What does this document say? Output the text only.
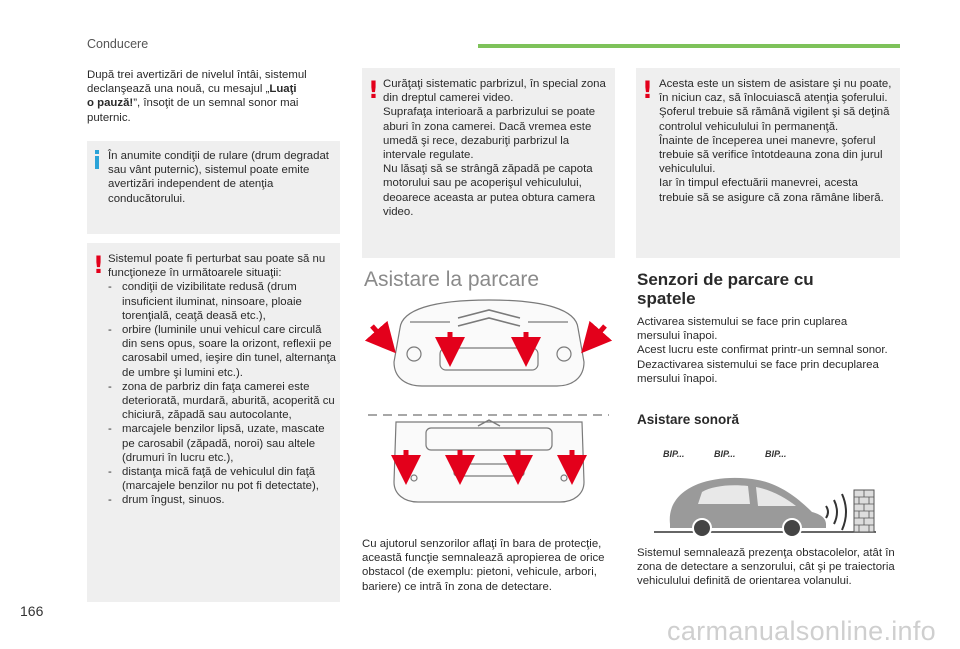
Conducere
După trei avertizări de nivelul întâi, sistemul
declanşează una nouă, cu mesajul „Luaţi
o pauză!”, însoţit de un semnal sonor mai
puternic.
În anumite condiţii de rulare (drum degradat sau vânt puternic), sistemul poate emite avertizări independent de atenţia conducătorului.
! Sistemul poate fi perturbat sau poate să nu funcţioneze în următoarele situaţii:
- condiţii de vizibilitate redusă (drum insuficient iluminat, ninsoare, ploaie torenţială, ceaţă deasă etc.),
- orbire (luminile unui vehicul care circulă din sens opus, soare la orizont, reflexii pe carosabil umed, ieşire din tunel, alternanţa de umbre şi lumini etc.).
- zona de parbriz din faţa camerei este deteriorată, murdară, aburită, acoperită cu chiciură, zăpadă sau autocolante,
- marcajele benzilor lipsă, uzate, mascate pe carosabil (zăpadă, noroi) sau altele (drumuri în lucru etc.),
- distanţa mică faţă de vehiculul din faţă (marcajele benzilor nu pot fi detectate),
- drum îngust, sinuos.
! Curăţaţi sistematic parbrizul, în special zona din dreptul camerei video.
Suprafaţa interioară a parbrizului se poate aburi în zona camerei. Dacă vremea este umedă şi rece, dezaburiţi parbrizul la intervale regulate.
Nu lăsaţi să se strângă zăpadă pe capota motorului sau pe acoperişul vehiculului, deoarece aceasta ar putea obtura camera video.
Asistare la parcare
Cu ajutorul senzorilor aflaţi în bara de protecţie, această funcţie semnalează apropierea de orice obstacol (de exemplu: pietoni, vehicule, arbori, bariere) ce intră în zona de detectare.
! Acesta este un sistem de asistare şi nu poate, în niciun caz, să înlocuiască atenţia şoferului.
Şoferul trebuie să rămână vigilent şi să deţină controlul vehiculului în permanenţă.
Înainte de începerea unei manevre, şoferul trebuie să verifice întotdeauna zona din jurul vehiculului.
Iar în timpul efectuării manevrei, acesta trebuie să se asigure că zona rămâne liberă.
Senzori de parcare cu spatele
Activarea sistemului se face prin cuplarea mersului înapoi.
Acest lucru este confirmat printr-un semnal sonor.
Dezactivarea sistemului se face prin decuplarea mersului înapoi.
Asistare sonoră
BIP...	BIP...	BIP...
Sistemul semnalează prezenţa obstacolelor, atât în zona de detectare a senzorului, cât şi pe traiectoria vehiculului definită de orientarea volanului.
166
carmanualsonline.info
